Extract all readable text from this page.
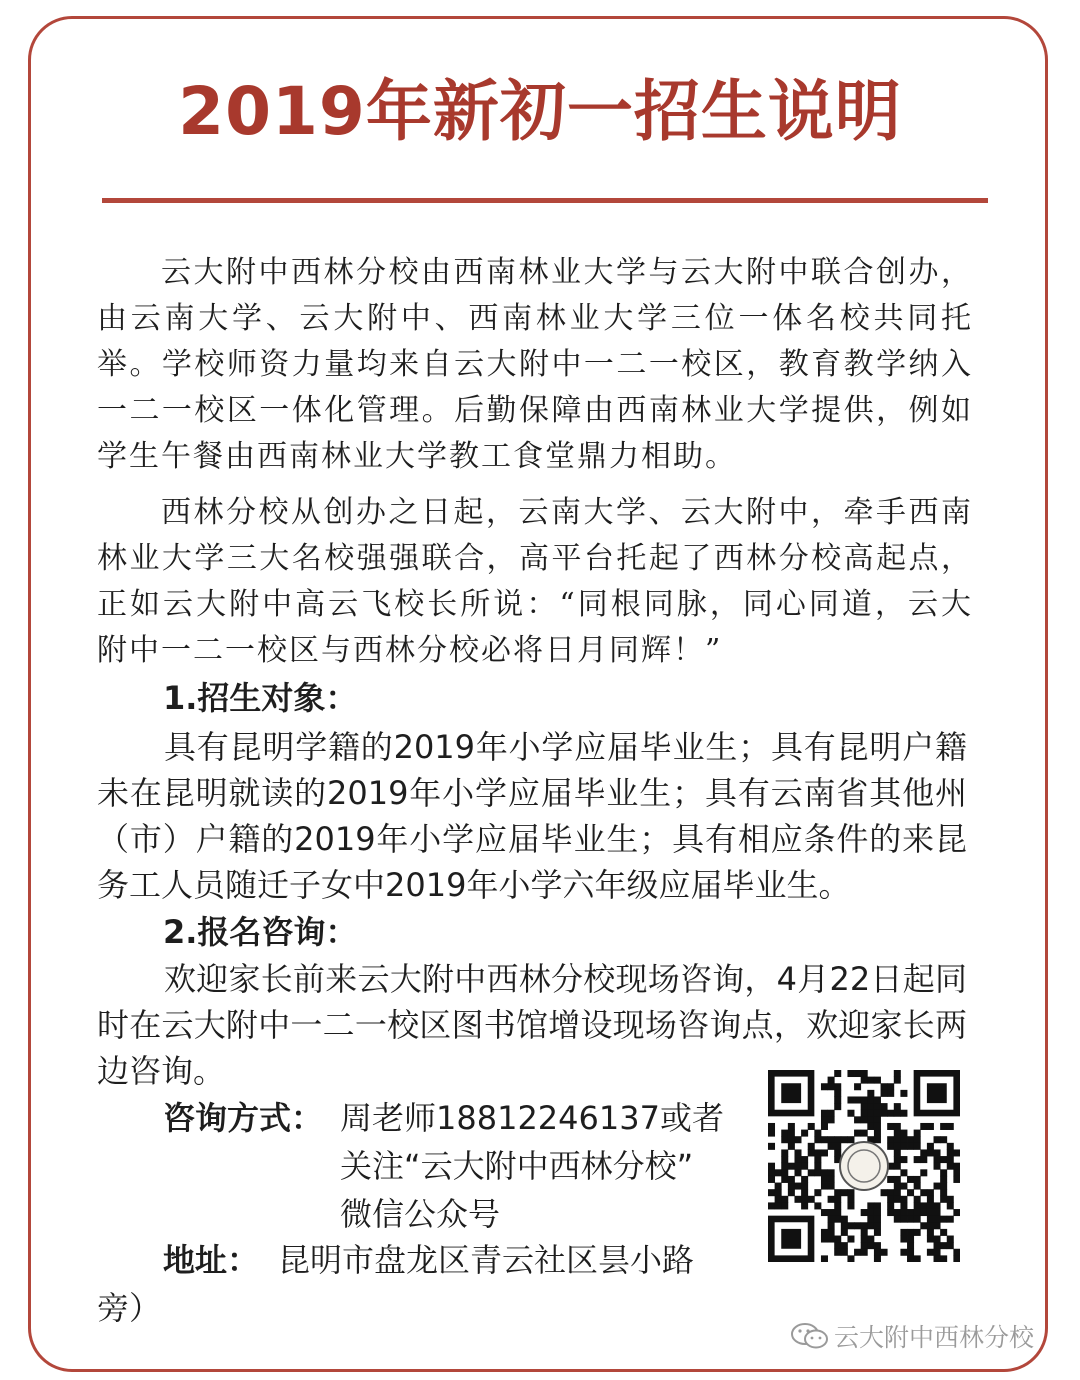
2019年新初一招生说明

云大附中西林分校由西南林业大学与云大附中联合创办，由云南大学、云大附中、西南林业大学三位一体名校共同托举。学校师资力量均来自云大附中一二一校区，教育教学纳入一二一校区一体化管理。后勤保障由西南林业大学提供，例如学生午餐由西南林业大学教工食堂鼎力相助。

西林分校从创办之日起，云南大学、云大附中，牵手西南林业大学三大名校强强联合，高平台托起了西林分校高起点，正如云大附中高云飞校长所说：“同根同脉，同心同道，云大附中一二一校区与西林分校必将日月同辉！”

1.招生对象：

具有昆明学籍的2019年小学应届毕业生；具有昆明户籍未在昆明就读的2019年小学应届毕业生；具有云南省其他州（市）户籍的2019年小学应届毕业生；具有相应条件的来昆务工人员随迁子女中2019年小学六年级应届毕业生。

2.报名咨询：

欢迎家长前来云大附中西林分校现场咨询，4月22日起同时在云大附中一二一校区图书馆增设现场咨询点，欢迎家长两边咨询。

咨询方式： 周老师18812246137或者
关注“云大附中西林分校”
微信公众号
地址： 昆明市盘龙区青云社区昙小路
旁）
云大附中西林分校
